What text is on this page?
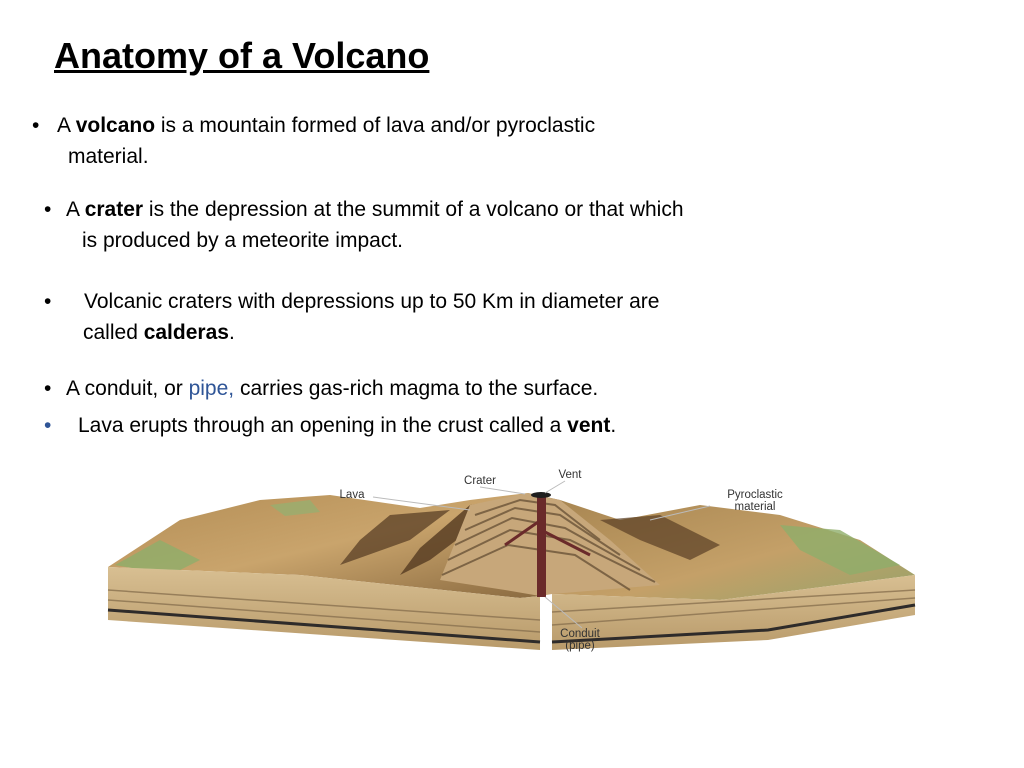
Anatomy of a Volcano
• A volcano is a mountain formed of lava and/or pyroclastic
material.
• A crater is the depression at the summit of a volcano or that which
is produced by a meteorite impact.
•	Volcanic craters with depressions up to 50 Km in diameter are
called calderas.
• A conduit, or pipe, carries gas-rich magma to the surface.
•	Lava erupts through an opening in the crust called a vent.
Lava
Crater	Vent
Pyroclastic
material
Conduit
(pipe)
